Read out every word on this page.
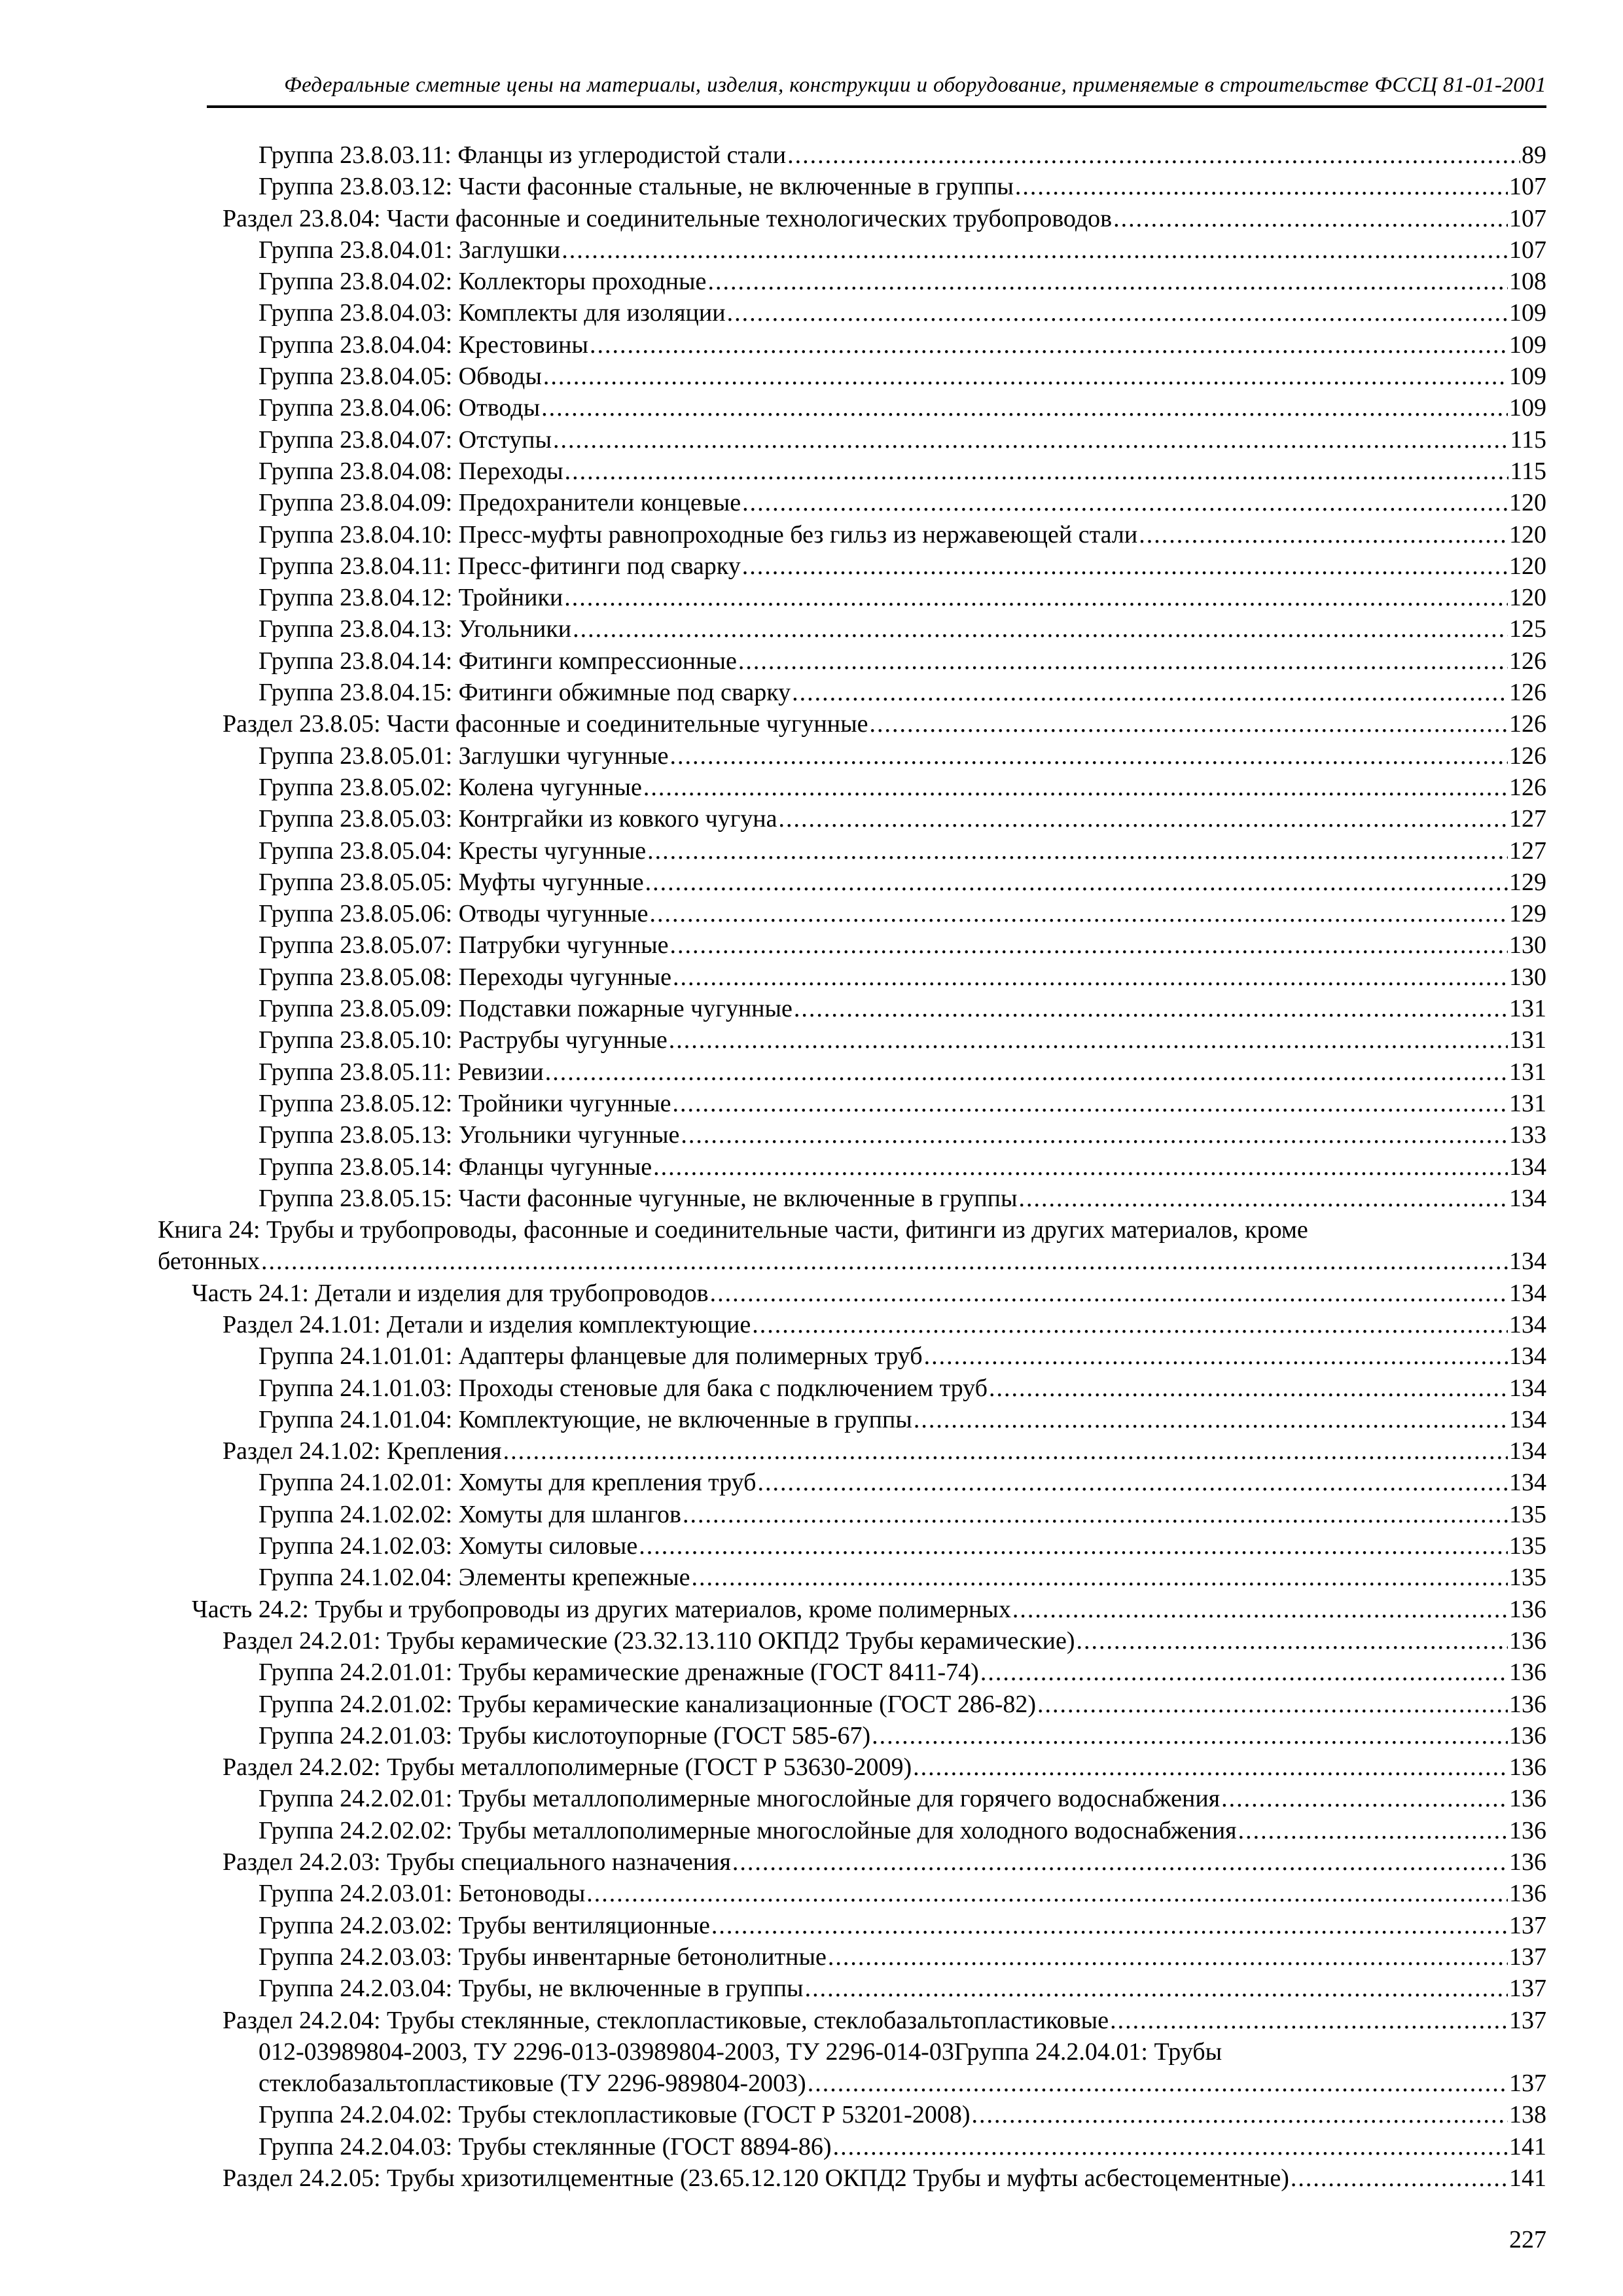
Федеральные сметные цены на материалы, изделия, конструкции и оборудование, применяемые в строительстве ФССЦ 81-01-2001
Группа 23.8.03.11: Фланцы из углеродистой стали .....	89
Группа 23.8.03.12: Части фасонные стальные, не включенные в группы .....	107
Раздел 23.8.04: Части фасонные и соединительные технологических трубопроводов .....	107
Группа 23.8.04.01: Заглушки .....	107
Группа 23.8.04.02: Коллекторы проходные .....	108
Группа 23.8.04.03: Комплекты для изоляции .....	109
Группа 23.8.04.04: Крестовины .....	109
Группа 23.8.04.05: Обводы .....	109
Группа 23.8.04.06: Отводы .....	109
Группа 23.8.04.07: Отступы .....	115
Группа 23.8.04.08: Переходы .....	115
Группа 23.8.04.09: Предохранители концевые .....	120
Группа 23.8.04.10: Пресс-муфты равнопроходные без гильз из нержавеющей стали .....	120
Группа 23.8.04.11: Пресс-фитинги под сварку .....	120
Группа 23.8.04.12: Тройники .....	120
Группа 23.8.04.13: Угольники .....	125
Группа 23.8.04.14: Фитинги компрессионные .....	126
Группа 23.8.04.15: Фитинги обжимные под сварку .....	126
Раздел 23.8.05: Части фасонные и соединительные чугунные .....	126
Группа 23.8.05.01: Заглушки чугунные .....	126
Группа 23.8.05.02: Колена чугунные .....	126
Группа 23.8.05.03: Контргайки из ковкого чугуна .....	127
Группа 23.8.05.04: Кресты чугунные .....	127
Группа 23.8.05.05: Муфты чугунные .....	129
Группа 23.8.05.06: Отводы чугунные .....	129
Группа 23.8.05.07: Патрубки чугунные .....	130
Группа 23.8.05.08: Переходы чугунные .....	130
Группа 23.8.05.09: Подставки пожарные чугунные .....	131
Группа 23.8.05.10: Раструбы чугунные .....	131
Группа 23.8.05.11: Ревизии .....	131
Группа 23.8.05.12: Тройники чугунные .....	131
Группа 23.8.05.13: Угольники чугунные .....	133
Группа 23.8.05.14: Фланцы чугунные .....	134
Группа 23.8.05.15: Части фасонные чугунные, не включенные в группы .....	134
Книга 24: Трубы и трубопроводы, фасонные и соединительные части, фитинги из других материалов, кроме
бетонных .....	134
Часть 24.1: Детали и изделия для трубопроводов .....	134
Раздел 24.1.01: Детали и изделия комплектующие .....	134
Группа 24.1.01.01: Адаптеры фланцевые для полимерных труб .....	134
Группа 24.1.01.03: Проходы стеновые для бака с подключением труб .....	134
Группа 24.1.01.04: Комплектующие, не включенные в группы .....	134
Раздел 24.1.02: Крепления .....	134
Группа 24.1.02.01: Хомуты для крепления труб .....	134
Группа 24.1.02.02: Хомуты для шлангов .....	135
Группа 24.1.02.03: Хомуты силовые .....	135
Группа 24.1.02.04: Элементы крепежные .....	135
Часть 24.2: Трубы и трубопроводы из других материалов, кроме полимерных .....	136
Раздел 24.2.01: Трубы керамические (23.32.13.110 ОКПД2 Трубы керамические) .....	136
Группа 24.2.01.01: Трубы керамические дренажные (ГОСТ 8411-74) .....	136
Группа 24.2.01.02: Трубы керамические канализационные (ГОСТ 286-82) .....	136
Группа 24.2.01.03: Трубы кислотоупорные (ГОСТ 585-67) .....	136
Раздел 24.2.02: Трубы металлополимерные (ГОСТ Р 53630-2009) .....	136
Группа 24.2.02.01: Трубы металлополимерные многослойные для горячего водоснабжения .....	136
Группа 24.2.02.02: Трубы металлополимерные многослойные для холодного водоснабжения .....	136
Раздел 24.2.03: Трубы специального назначения .....	136
Группа 24.2.03.01: Бетоноводы .....	136
Группа 24.2.03.02: Трубы вентиляционные .....	137
Группа 24.2.03.03: Трубы инвентарные бетонолитные .....	137
Группа 24.2.03.04: Трубы, не включенные в группы .....	137
Раздел 24.2.04: Трубы стеклянные, стеклопластиковые, стеклобазальтопластиковые .....	137
012-03989804-2003, ТУ 2296-013-03989804-2003, ТУ 2296-014-03Группа 24.2.04.01: Трубы
стеклобазальтопластиковые (ТУ 2296-989804-2003) .....	137
Группа 24.2.04.02: Трубы стеклопластиковые (ГОСТ Р 53201-2008) .....	138
Группа 24.2.04.03: Трубы стеклянные (ГОСТ 8894-86) .....	141
Раздел 24.2.05: Трубы хризотилцементные (23.65.12.120 ОКПД2 Трубы и муфты асбестоцементные) .....	141
227
